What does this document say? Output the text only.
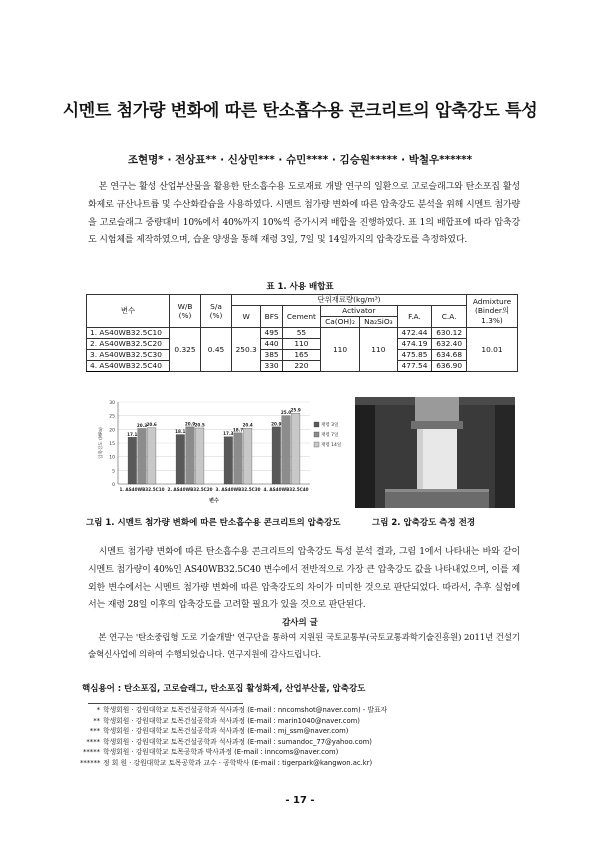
시멘트 첨가량 변화에 따른 탄소흡수용 콘크리트의 압축강도 특성
조현명* · 전상표** · 신상민*** · 슈민**** · 김승원***** · 박철우******
본 연구는 활성 산업부산물을 활용한 탄소흡수용 도로재료 개발 연구의 일환으로 고로슬래그와 탄소포집 활성화제로 규산나트륨 및 수산화칼슘을 사용하였다. 시멘트 첨가량 변화에 따른 압축강도 분석을 위해 시멘트 첨가량을 고로슬래그 중량대비 10%에서 40%까지 10%씩 증가시켜 배합을 진행하였다. 표 1의 배합표에 따라 압축강도 시험체를 제작하였으며, 습윤 양생을 통해 재령 3일, 7일 및 14일까지의 압축강도를 측정하였다.
표 1. 사용 배합표
변수	W/B (%)	S/a (%)	단위재료량(kg/m³)							Admixture (Binder의 1.3%)
			W	BFS	Cement	Activator		F.A.	C.A.	
						Ca(OH)₂	Na₂SiO₃			
1. AS40WB32.5C10	0.325	0.45	250.3	495	55	110	110	472.44	630.12	10.01
2. AS40WB32.5C20				440	110			474.19	632.40	
3. AS40WB32.5C30				385	165			475.85	634.68	
4. AS40WB32.5C40				330	220			477.54	636.90	
0
5
10
15
20
25
30
압축강도 (MPa)	17.1
20.3 20.6
1. AS40WB32.5C10
18.1
20.9 20.5
2. AS40WB32.5C20
17.3
18.7
20.4
3. AS40WB32.5C30
20.9
25.0 25.9
4. AS40WB32.5C40
변수
재령 3일
재령 7일
재령 14일
그림 1. 시멘트 첨가량 변화에 따른 탄소흡수용 콘크리트의 압축강도	그림 2. 압축강도 측정 전경
시멘트 첨가량 변화에 따른 탄소흡수용 콘크리트의 압축강도 특성 분석 결과, 그림 1에서 나타내는 바와 같이 시멘트 첨가량이 40%인 AS40WB32.5C40 변수에서 전반적으로 가장 큰 압축강도 값을 나타내었으며, 이를 제외한 변수에서는 시멘트 첨가량 변화에 따른 압축강도의 차이가 미미한 것으로 판단되었다. 따라서, 추후 실험에서는 재령 28일 이후의 압축강도를 고려할 필요가 있을 것으로 판단된다.
감사의 글
본 연구는 '탄소중립형 도로 기술개발' 연구단을 통하여 지원된 국토교통부(국토교통과학기술진흥원) 2011년 건설기술혁신사업에 의하여 수행되었습니다. 연구지원에 감사드립니다.
핵심용어 : 탄소포집, 고로슬래그, 탄소포집 활성화제, 산업부산물, 압축강도
* 학생회원 · 강원대학교 토목건설공학과 석사과정 (E-mail : nncomshot@naver.com) - 발표자
** 학생회원 · 강원대학교 토목건설공학과 석사과정 (E-mail : marin1040@naver.com)
*** 학생회원 · 강원대학교 토목건설공학과 석사과정 (E-mail : mj_ssm@naver.com)
**** 학생회원 · 강원대학교 토목건설공학과 석사과정 (E-mail : sumandoc_77@yahoo.com)
***** 학생회원 · 강원대학교 토목공학과 박사과정 (E-mail : inncoms@naver.com)
****** 정 회 원 · 강원대학교 토목공학과 교수 · 공학박사 (E-mail : tigerpark@kangwon.ac.kr)
- 17 -
